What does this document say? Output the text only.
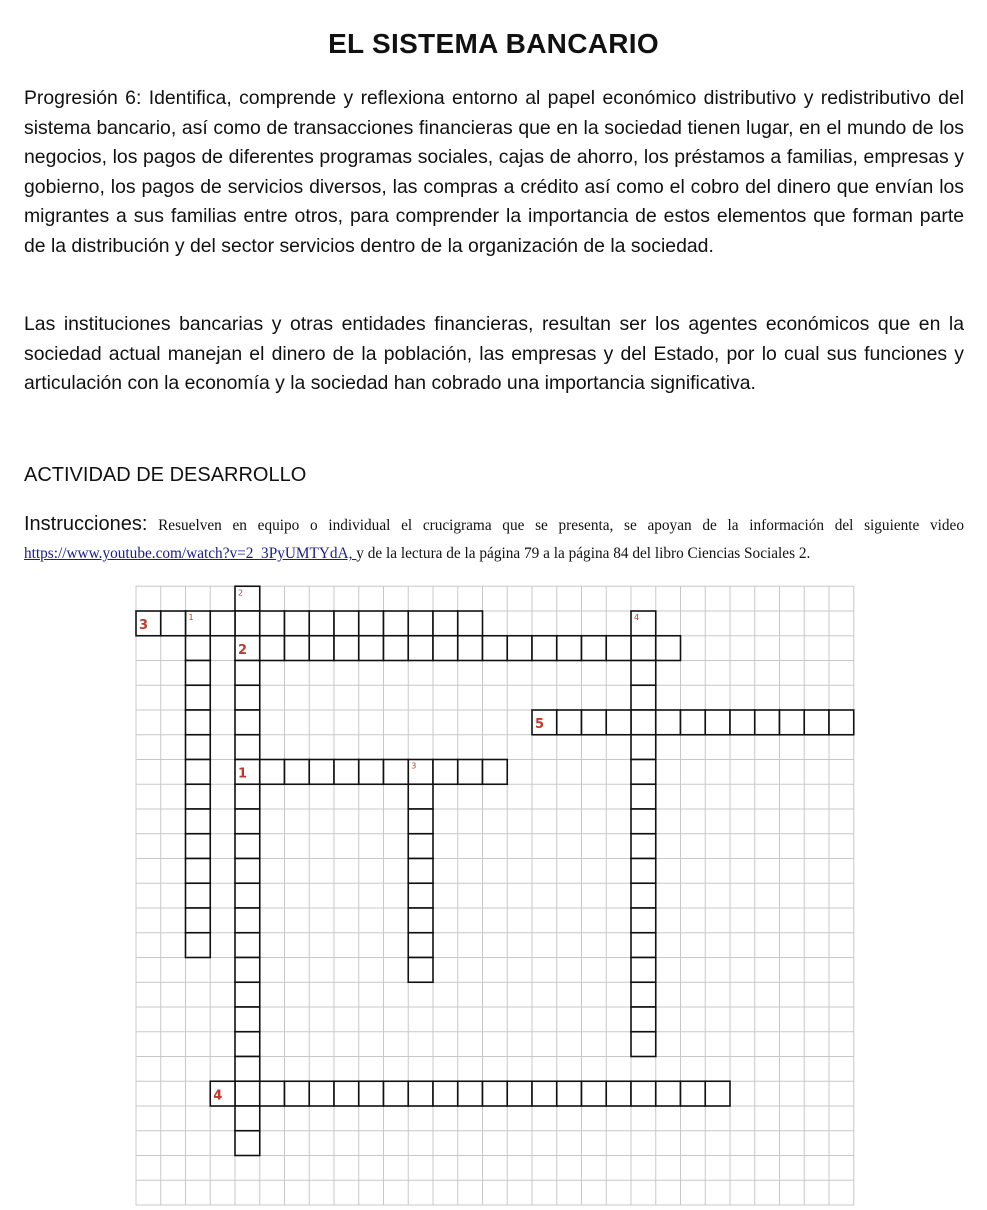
EL SISTEMA BANCARIO

Progresión 6: Identifica, comprende y reflexiona entorno al papel económico distributivo y redistributivo del sistema bancario, así como de transacciones financieras que en la sociedad tienen lugar, en el mundo de los negocios, los pagos de diferentes programas sociales, cajas de ahorro, los préstamos a familias, empresas y gobierno, los pagos de servicios diversos, las compras a crédito así como el cobro del dinero que envían los migrantes a sus familias entre otros, para comprender la importancia de estos elementos que forman parte de la distribución y del sector servicios dentro de la organización de la sociedad.

Las instituciones bancarias y otras entidades financieras, resultan ser los agentes económicos que en la sociedad actual manejan el dinero de la población, las empresas y del Estado, por lo cual sus funciones y articulación con la economía y la sociedad han cobrado una importancia significativa.

ACTIVIDAD DE DESARROLLO

Instrucciones: Resuelven en equipo o individual el crucigrama que se presenta, se apoyan de la información del siguiente video https://www.youtube.com/watch?v=2_3PyUMTYdA, y de la lectura de la página 79 a la página 84 del libro Ciencias Sociales 2.

1
2
3
4
3
2
5
1
4
